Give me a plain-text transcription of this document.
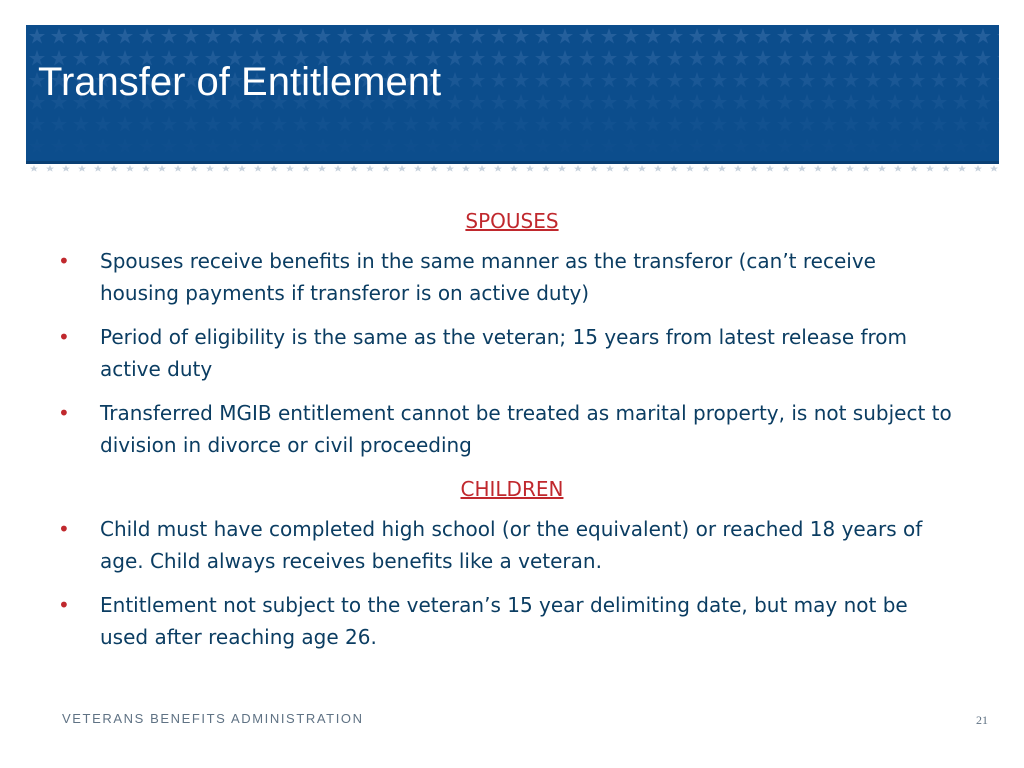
Transfer of Entitlement
SPOUSES
• Spouses receive benefits in the same manner as the transferor (can’t receive housing payments if transferor is on active duty)
• Period of eligibility is the same as the veteran; 15 years from latest release from active duty
• Transferred MGIB entitlement cannot be treated as marital property, is not subject to division in divorce or civil proceeding
CHILDREN
• Child must have completed high school (or the equivalent) or reached 18 years of age. Child always receives benefits like a veteran.
• Entitlement not subject to the veteran’s 15 year delimiting date, but may not be used after reaching age 26.
VETERANS BENEFITS ADMINISTRATION	21
